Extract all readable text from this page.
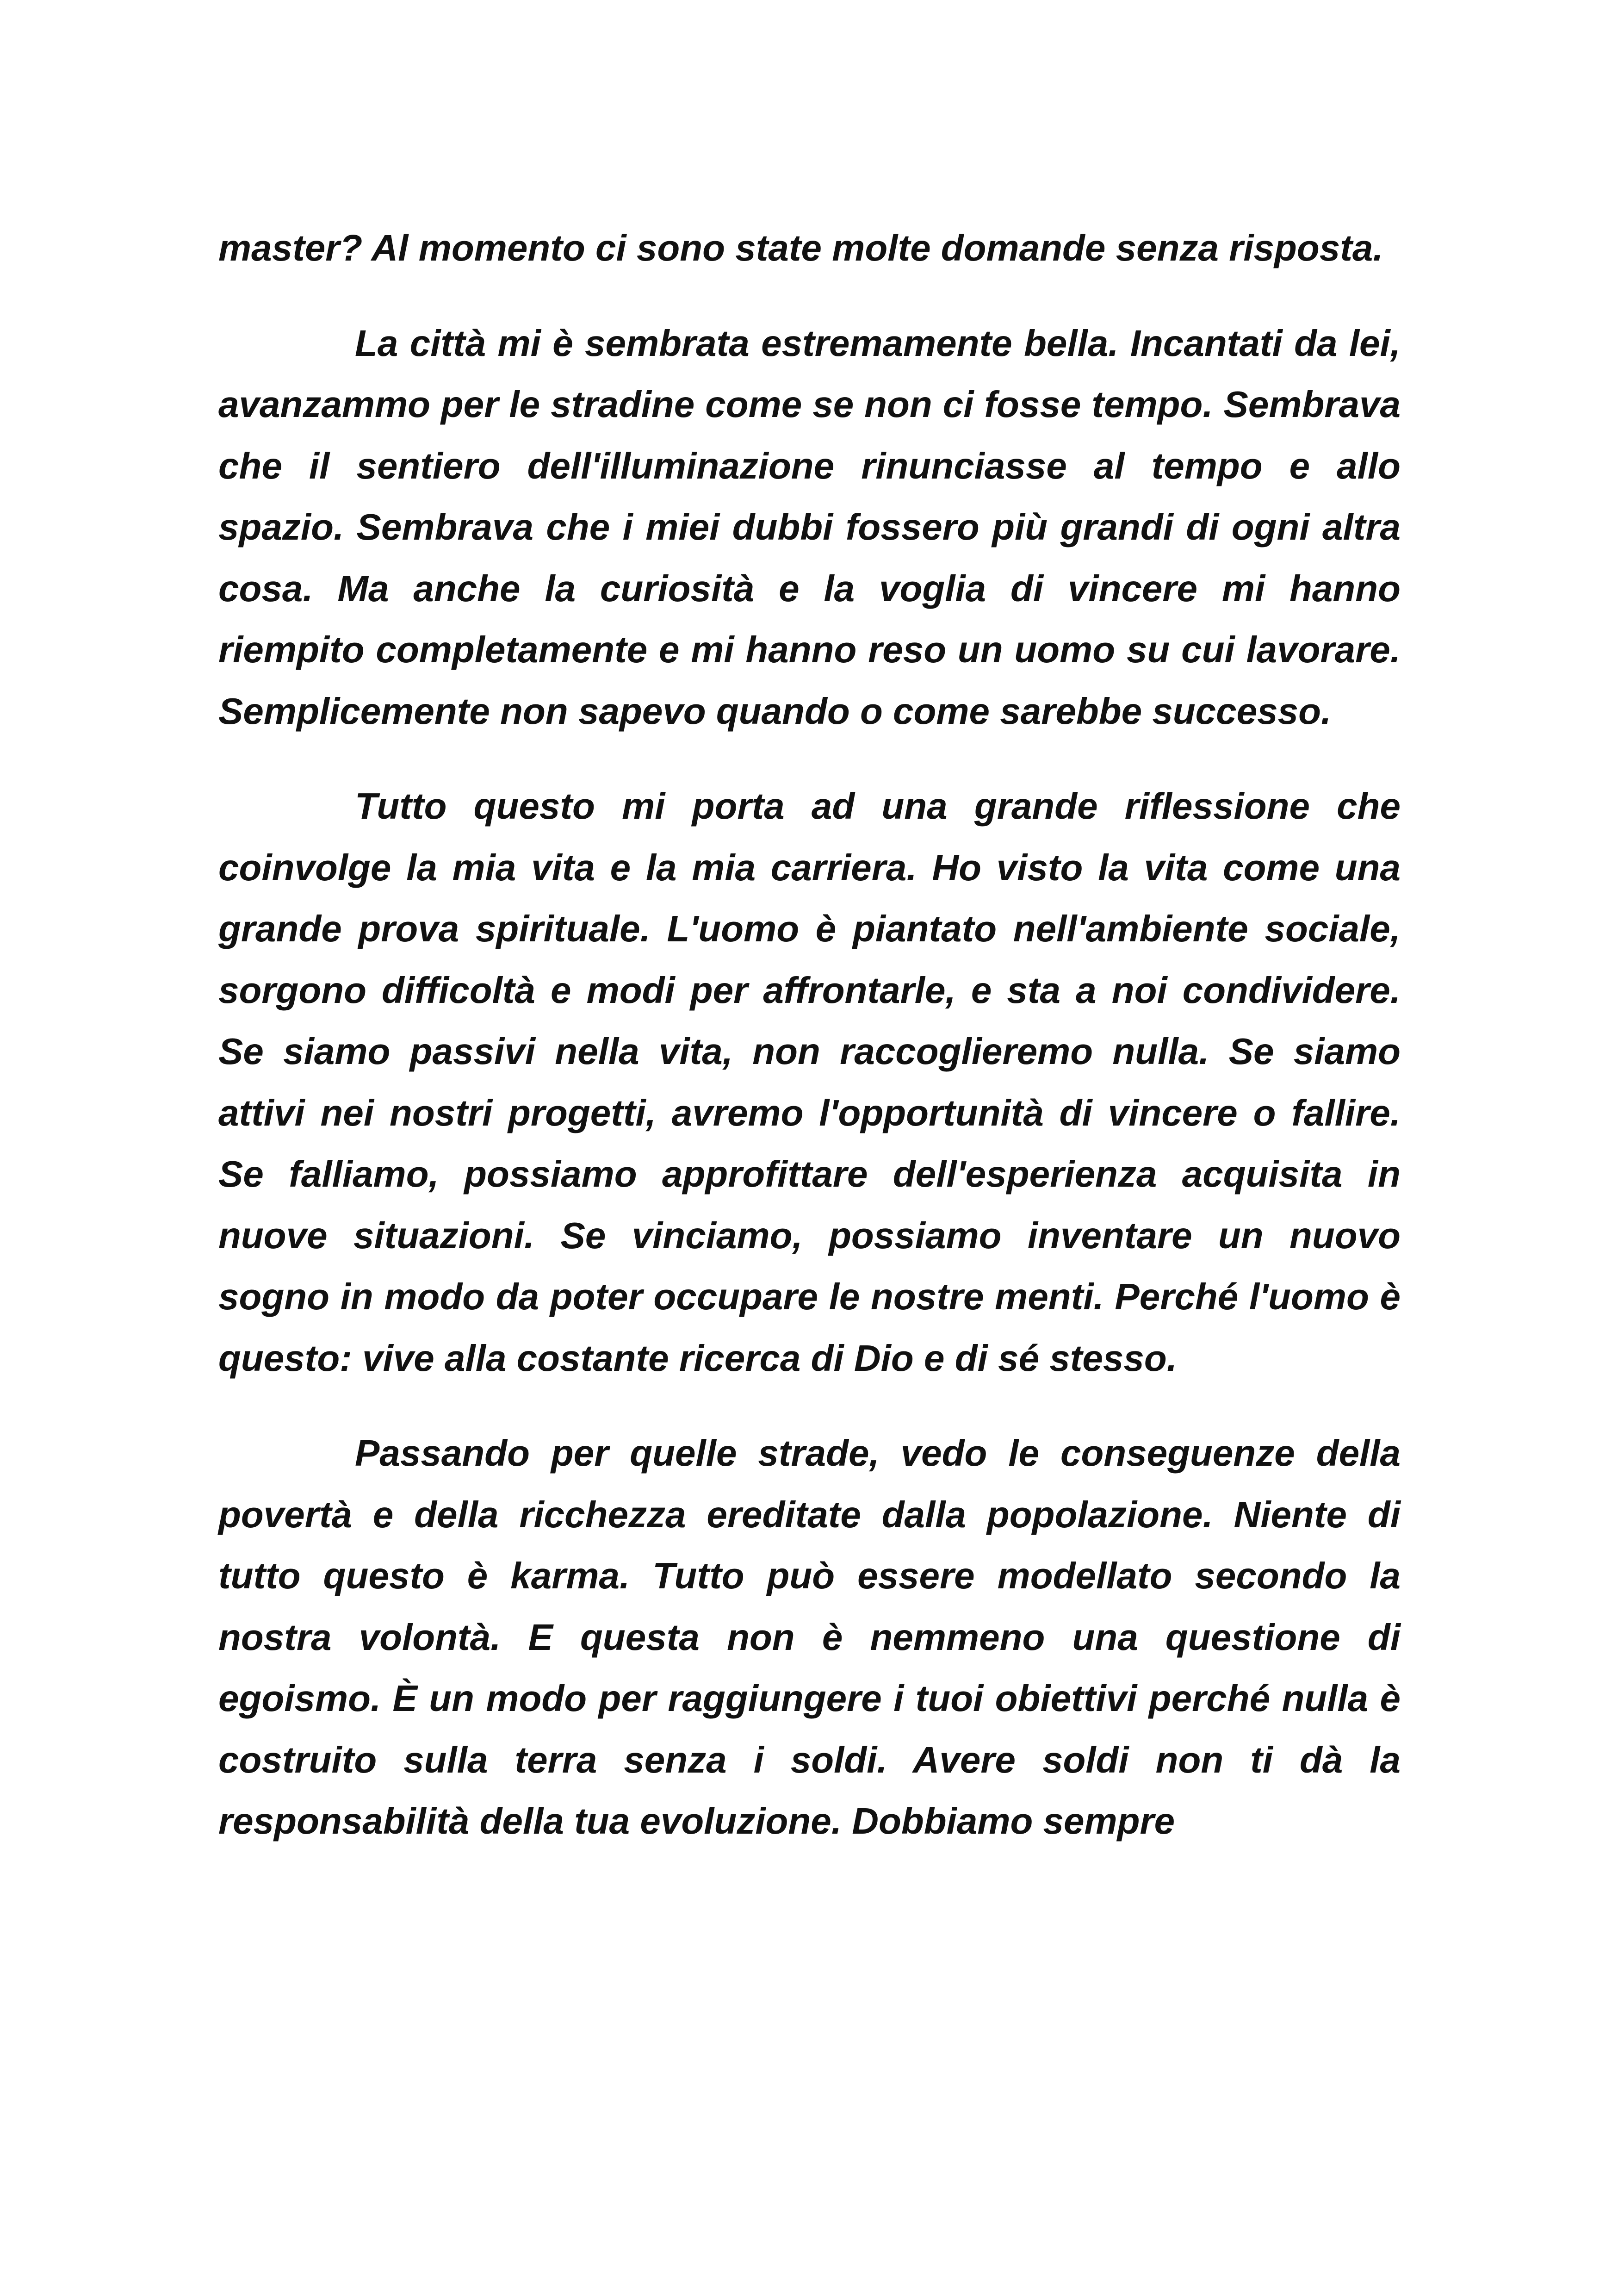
master? Al momento ci sono state molte domande senza risposta.

La città mi è sembrata estremamente bella. Incantati da lei, avanzammo per le stradine come se non ci fosse tempo. Sembrava che il sentiero dell'illuminazione rinunciasse al tempo e allo spazio. Sembrava che i miei dubbi fossero più grandi di ogni altra cosa. Ma anche la curiosità e la voglia di vincere mi hanno riempito completamente e mi hanno reso un uomo su cui lavorare. Semplicemente non sapevo quando o come sarebbe successo.

Tutto questo mi porta ad una grande riflessione che coinvolge la mia vita e la mia carriera. Ho visto la vita come una grande prova spirituale. L'uomo è piantato nell'ambiente sociale, sorgono difficoltà e modi per affrontarle, e sta a noi condividere. Se siamo passivi nella vita, non raccoglieremo nulla. Se siamo attivi nei nostri progetti, avremo l'opportunità di vincere o fallire. Se falliamo, possiamo approfittare dell'esperienza acquisita in nuove situazioni. Se vinciamo, possiamo inventare un nuovo sogno in modo da poter occupare le nostre menti. Perché l'uomo è questo: vive alla costante ricerca di Dio e di sé stesso.

Passando per quelle strade, vedo le conseguenze della povertà e della ricchezza ereditate dalla popolazione. Niente di tutto questo è karma. Tutto può essere modellato secondo la nostra volontà. E questa non è nemmeno una questione di egoismo. È un modo per raggiungere i tuoi obiettivi perché nulla è costruito sulla terra senza i soldi. Avere soldi non ti dà la responsabilità della tua evoluzione. Dobbiamo sempre
